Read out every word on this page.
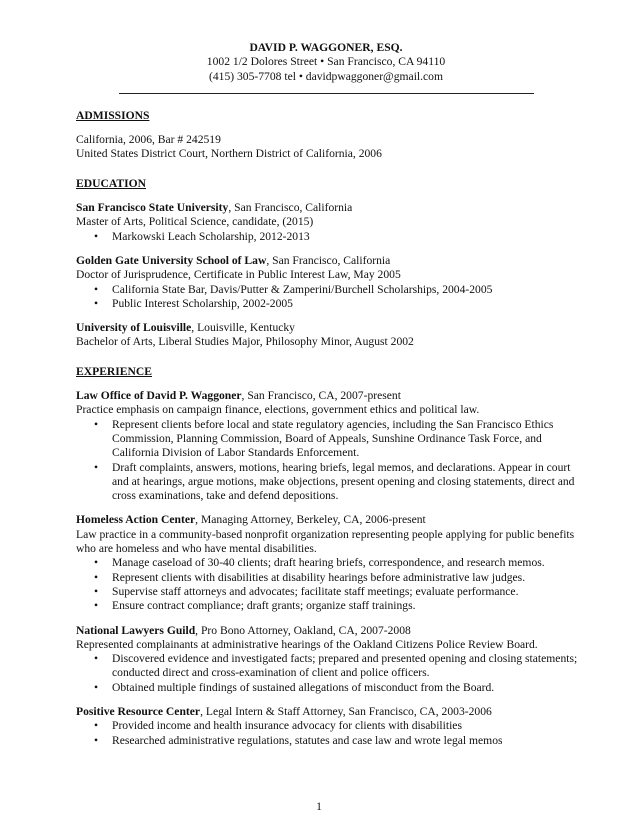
DAVID P. WAGGONER, ESQ.
1002 1/2 Dolores Street • San Francisco, CA 94110
(415) 305-7708 tel • davidpwaggoner@gmail.com
ADMISSIONS
California, 2006, Bar # 242519
United States District Court, Northern District of California, 2006
EDUCATION
San Francisco State University, San Francisco, California
Master of Arts, Political Science, candidate, (2015)
• Markowski Leach Scholarship, 2012-2013
Golden Gate University School of Law, San Francisco, California
Doctor of Jurisprudence, Certificate in Public Interest Law, May 2005
• California State Bar, Davis/Putter & Zamperini/Burchell Scholarships, 2004-2005
• Public Interest Scholarship, 2002-2005
University of Louisville, Louisville, Kentucky
Bachelor of Arts, Liberal Studies Major, Philosophy Minor, August 2002
EXPERIENCE
Law Office of David P. Waggoner, San Francisco, CA, 2007-present
Practice emphasis on campaign finance, elections, government ethics and political law.
• Represent clients before local and state regulatory agencies, including the San Francisco Ethics
Commission, Planning Commission, Board of Appeals, Sunshine Ordinance Task Force, and
California Division of Labor Standards Enforcement.
• Draft complaints, answers, motions, hearing briefs, legal memos, and declarations. Appear in court
and at hearings, argue motions, make objections, present opening and closing statements, direct and
cross examinations, take and defend depositions.
Homeless Action Center, Managing Attorney, Berkeley, CA, 2006-present
Law practice in a community-based nonprofit organization representing people applying for public benefits
who are homeless and who have mental disabilities.
• Manage caseload of 30-40 clients; draft hearing briefs, correspondence, and research memos.
• Represent clients with disabilities at disability hearings before administrative law judges.
• Supervise staff attorneys and advocates; facilitate staff meetings; evaluate performance.
• Ensure contract compliance; draft grants; organize staff trainings.
National Lawyers Guild, Pro Bono Attorney, Oakland, CA, 2007-2008
Represented complainants at administrative hearings of the Oakland Citizens Police Review Board.
• Discovered evidence and investigated facts; prepared and presented opening and closing statements;
conducted direct and cross-examination of client and police officers.
• Obtained multiple findings of sustained allegations of misconduct from the Board.
Positive Resource Center, Legal Intern & Staff Attorney, San Francisco, CA, 2003-2006
• Provided income and health insurance advocacy for clients with disabilities
• Researched administrative regulations, statutes and case law and wrote legal memos
1
